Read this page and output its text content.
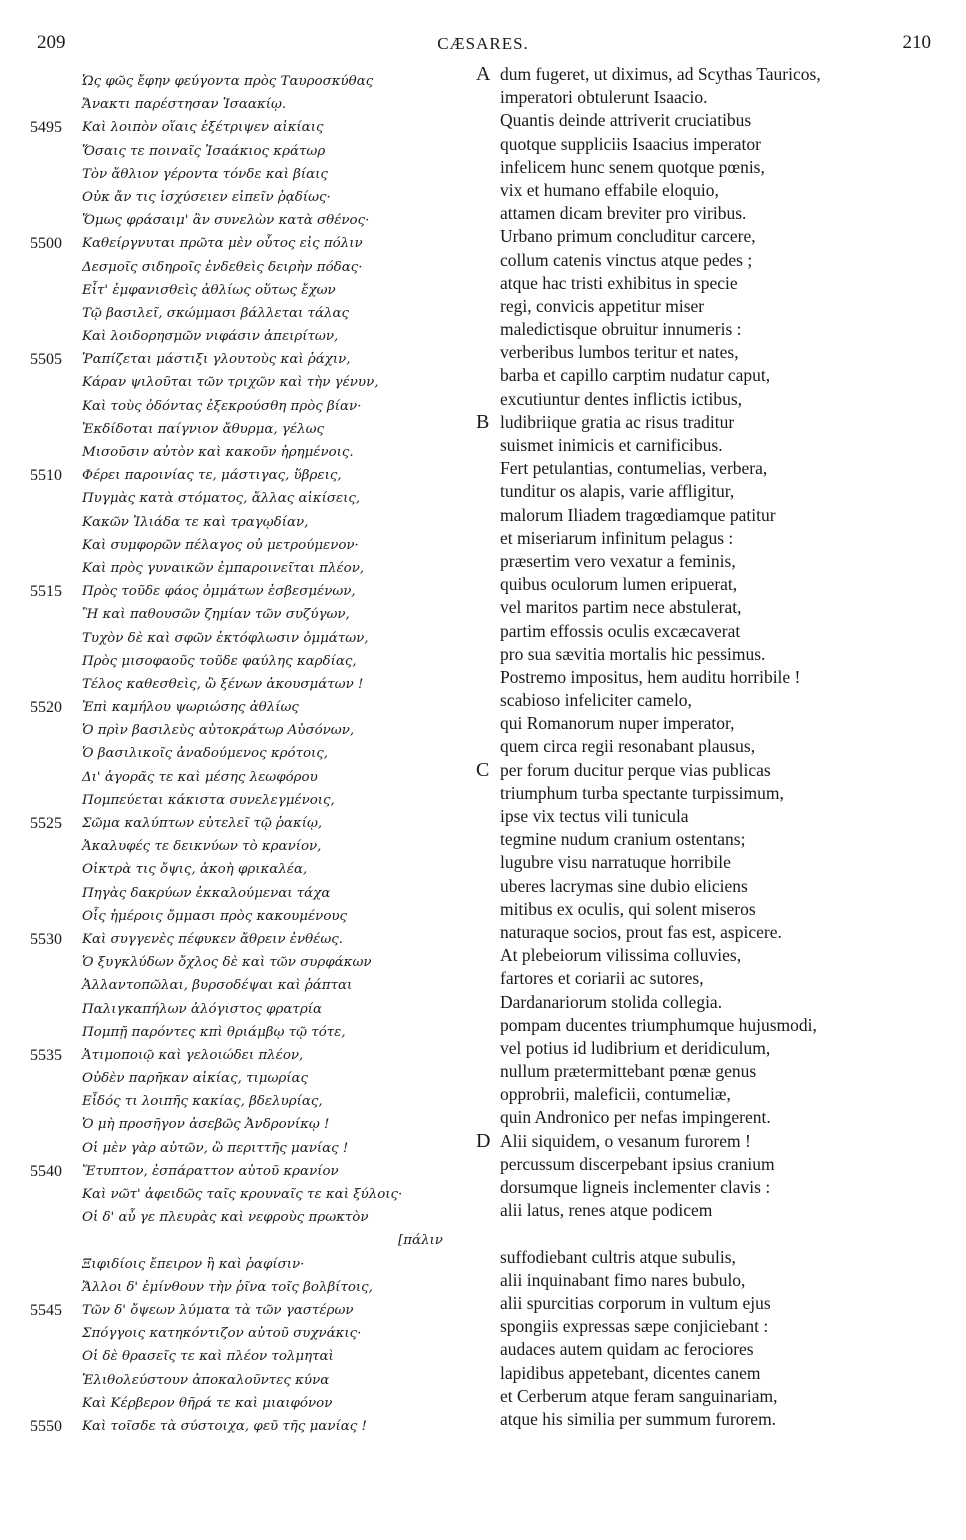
209	CÆSARES.	210
Ὡς φῶς ἔφην φεύγοντα πρὸς Ταυροσκύθας
Ἄνακτι παρέστησαν Ἰσαακίῳ.
5495	Καὶ λοιπὸν οἵαις ἐξέτριψεν αἰκίαις
Ὅσαις τε ποιναῖς Ἰσαάκιος κράτωρ
Τὸν ἄθλιον γέροντα τόνδε καὶ βίαις
Οὐκ ἄν τις ἰσχύσειεν εἰπεῖν ῥᾳδίως·
Ὅμως φράσαιμ' ἂν συνελὼν κατὰ σθένος·
5500	Καθείργνυται πρῶτα μὲν οὗτος εἰς πόλιν
Δεσμοῖς σιδηροῖς ἐνδεθεὶς δειρὴν πόδας·
Εἶτ' ἐμφανισθεὶς ἀθλίως οὕτως ἔχων
Τῷ βασιλεῖ, σκώμμασι βάλλεται τάλας
Καὶ λοιδορησμῶν νιφάσιν ἀπειρίτων,
5505	Ῥαπίζεται μάστιξι γλουτοὺς καὶ ῥάχιν,
Κάραν ψιλοῦται τῶν τριχῶν καὶ τὴν γένυν,
Καὶ τοὺς ὀδόντας ἐξεκρούσθη πρὸς βίαν·
Ἐκδίδοται παίγνιον ἄθυρμα, γέλως
Μισοῦσιν αὐτὸν καὶ κακοῦν ἠρημένοις.
5510	Φέρει παροινίας τε, μάστιγας, ὕβρεις,
Πυγμὰς κατὰ στόματος, ἄλλας αἰκίσεις,
Κακῶν Ἰλιάδα τε καὶ τραγῳδίαν,
Καὶ συμφορῶν πέλαγος οὐ μετρούμενον·
Καὶ πρὸς γυναικῶν ἐμπαροινεῖται πλέον,
5515	Πρὸς τοῦδε φάος ὀμμάτων ἐσβεσμένων,
Ἢ καὶ παθουσῶν ζημίαν τῶν συζύγων,
Τυχὸν δὲ καὶ σφῶν ἐκτόφλωσιν ὀμμάτων,
Πρὸς μισοφαοῦς τοῦδε φαύλης καρδίας,
Τέλος καθεσθεὶς, ὢ ξένων ἀκουσμάτων !
5520	Ἐπὶ καμήλου ψωριώσης ἀθλίως
Ὁ πρὶν βασιλεὺς αὐτοκράτωρ Αὐσόνων,
Ὁ βασιλικοῖς ἀναδούμενος κρότοις,
Δι' ἀγορᾶς τε καὶ μέσης λεωφόρου
Πομπεύεται κάκιστα συνελεγμένοις,
5525	Σῶμα καλύπτων εὐτελεῖ τῷ ῥακίῳ,
Ἀκαλυφές τε δεικνύων τὸ κρανίον,
Οἰκτρὰ τις ὄψις, ἀκοὴ φρικαλέα,
Πηγὰς δακρύων ἐκκαλούμεναι τάχα
Οἷς ἡμέροις ὄμμασι πρὸς κακουμένους
5530	Καὶ συγγενὲς πέφυκεν ἄθρειν ἐνθέως.
Ὁ ξυγκλύδων ὄχλος δὲ καὶ τῶν συρφάκων
Ἀλλαντοπῶλαι, βυρσοδέψαι καὶ ῥάπται
Παλιγκαπήλων ἀλόγιστος φρατρία
Πομπῇ παρόντες κπὶ θριάμβῳ τῷ τότε,
5535	Ἀτιμοποιῷ καὶ γελοιώδει πλέον,
Οὐδὲν παρῆκαν αἰκίας, τιμωρίας
Εἶδός τι λοιπῆς κακίας, βδελυρίας,
Ὁ μὴ προσῆγον ἀσεβῶς Ἀνδρονίκῳ !
Οἱ μὲν γὰρ αὐτῶν, ὢ περιττῆς μανίας !
5540	Ἔτυπτον, ἐσπάραττον αὐτοῦ κρανίον
Καὶ νῶτ' ἀφειδῶς ταῖς κρουναῖς τε καὶ ξύλοις·
Οἱ δ' αὖ γε πλευρὰς καὶ νεφροὺς πρωκτὸν
[πάλιν
Ξιφιδίοις ἔπειρον ἢ καὶ ῥαφίσιν·
Ἄλλοι δ' ἐμίνθουν τὴν ῥῖνα τοῖς βολβίτοις,
5545	Τῶν δ' ὄψεων λύματα τὰ τῶν γαστέρων
Σπόγγοις κατηκόντιζον αὐτοῦ συχνάκις·
Οἱ δὲ θρασεῖς τε καὶ πλέον τολμηταὶ
Ἐλιθολεύστουν ἀποκαλοῦντες κύνα
Καὶ Κέρβερον θῆρά τε καὶ μιαιφόνον
5550	Καὶ τοῖσδε τὰ σύστοιχα, φεῦ τῆς μανίας !
A dum fugeret, ut diximus, ad Scythas Tauricos,
imperatori obtulerunt Isaacio.
Quantis deinde attriverit cruciatibus
quotque suppliciis Isaacius imperator
infelicem hunc senem quotque pœnis,
vix et humano effabile eloquio,
attamen dicam breviter pro viribus.
Urbano primum concluditur carcere,
collum catenis vinctus atque pedes ;
atque hac tristi exhibitus in specie
regi, convicis appetitur miser
maledictisque obruitur innumeris :
verberibus lumbos teritur et nates,
barba et capillo carptim nudatur caput,
excutiuntur dentes inflictis ictibus,
B ludibriique gratia ac risus traditur
suismet inimicis et carnificibus.
Fert petulantias, contumelias, verbera,
tunditur os alapis, varie affligitur,
malorum Iliadem tragœdiamque patitur
et miseriarum infinitum pelagus :
præsertim vero vexatur a feminis,
quibus oculorum lumen eripuerat,
vel maritos partim nece abstulerat,
partim effossis oculis excæcaverat
pro sua sævitia mortalis hic pessimus.
Postremo impositus, hem auditu horribile !
scabioso infeliciter camelo,
qui Romanorum nuper imperator,
quem circa regii resonabant plausus,
C per forum ducitur perque vias publicas
triumphum turba spectante turpissimum,
ipse vix tectus vili tunicula
tegmine nudum cranium ostentans;
lugubre visu narratuque horribile
uberes lacrymas sine dubio eliciens
mitibus ex oculis, qui solent miseros
naturaque socios, prout fas est, aspicere.
At plebeiorum vilissima colluvies,
fartores et coriarii ac sutores,
Dardanariorum stolida collegia.
pompam ducentes triumphumque hujusmodi,
vel potius id ludibrium et deridiculum,
nullum prætermittebant pœnæ genus
opprobrii, maleficii, contumeliæ,
quin Andronico per nefas impingerent.
D Alii siquidem, o vesanum furorem !
percussum discerpebant ipsius cranium
dorsumque ligneis inclementer clavis :
alii latus, renes atque podicem
suffodiebant cultris atque subulis,
alii inquinabant fimo nares bubulo,
alii spurcitias corporum in vultum ejus
spongiis expressas sæpe conjiciebant :
audaces autem quidam ac ferociores
lapidibus appetebant, dicentes canem
et Cerberum atque feram sanguinariam,
atque his similia per summum furorem.
